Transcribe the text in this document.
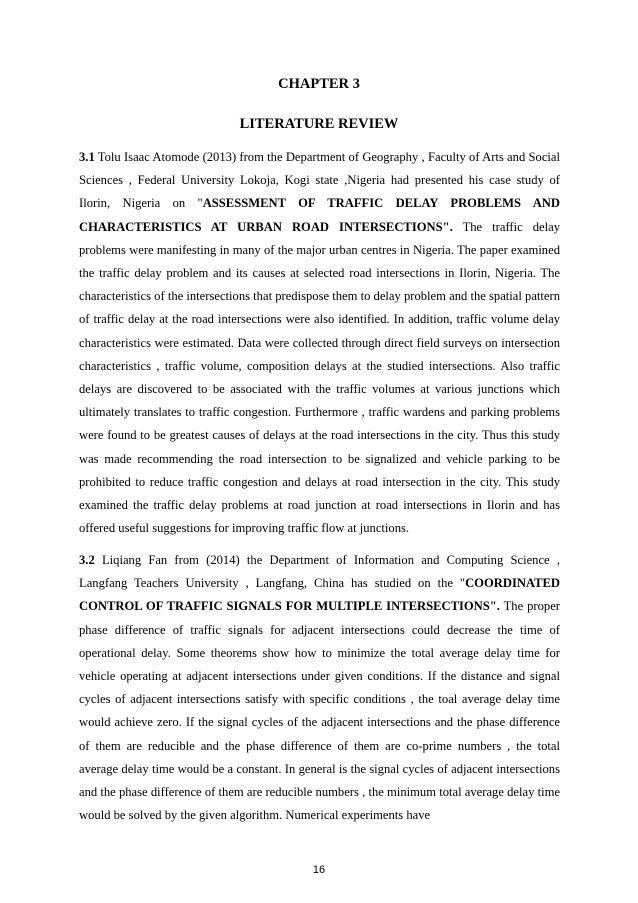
CHAPTER 3
LITERATURE REVIEW

3.1 Tolu Isaac Atomode (2013) from the Department of Geography , Faculty of Arts and Social Sciences , Federal University Lokoja, Kogi state ,Nigeria had presented his case study of Ilorin, Nigeria on "ASSESSMENT OF TRAFFIC DELAY PROBLEMS AND CHARACTERISTICS AT URBAN ROAD INTERSECTIONS". The traffic delay problems were manifesting in many of the major urban centres in Nigeria. The paper examined the traffic delay problem and its causes at selected road intersections in Ilorin, Nigeria. The characteristics of the intersections that predispose them to delay problem and the spatial pattern of traffic delay at the road intersections were also identified. In addition, traffic volume delay characteristics were estimated. Data were collected through direct field surveys on intersection characteristics , traffic volume, composition delays at the studied intersections. Also traffic delays are discovered to be associated with the traffic volumes at various junctions which ultimately translates to traffic congestion. Furthermore , traffic wardens and parking problems were found to be greatest causes of delays at the road intersections in the city. Thus this study was made recommending the road intersection to be signalized and vehicle parking to be prohibited to reduce traffic congestion and delays at road intersection in the city. This study examined the traffic delay problems at road junction at road intersections in Ilorin and has offered useful suggestions for improving traffic flow at junctions.

3.2 Liqiang Fan from (2014) the Department of Information and Computing Science , Langfang Teachers University , Langfang, China has studied on the "COORDINATED CONTROL OF TRAFFIC SIGNALS FOR MULTIPLE INTERSECTIONS". The proper phase difference of traffic signals for adjacent intersections could decrease the time of operational delay. Some theorems show how to minimize the total average delay time for vehicle operating at adjacent intersections under given conditions. If the distance and signal cycles of adjacent intersections satisfy with specific conditions , the toal average delay time would achieve zero. If the signal cycles of the adjacent intersections and the phase difference of them are reducible and the phase difference of them are co-prime numbers , the total average delay time would be a constant. In general is the signal cycles of adjacent intersections and the phase difference of them are reducible numbers , the minimum total average delay time would be solved by the given algorithm. Numerical experiments have

16
